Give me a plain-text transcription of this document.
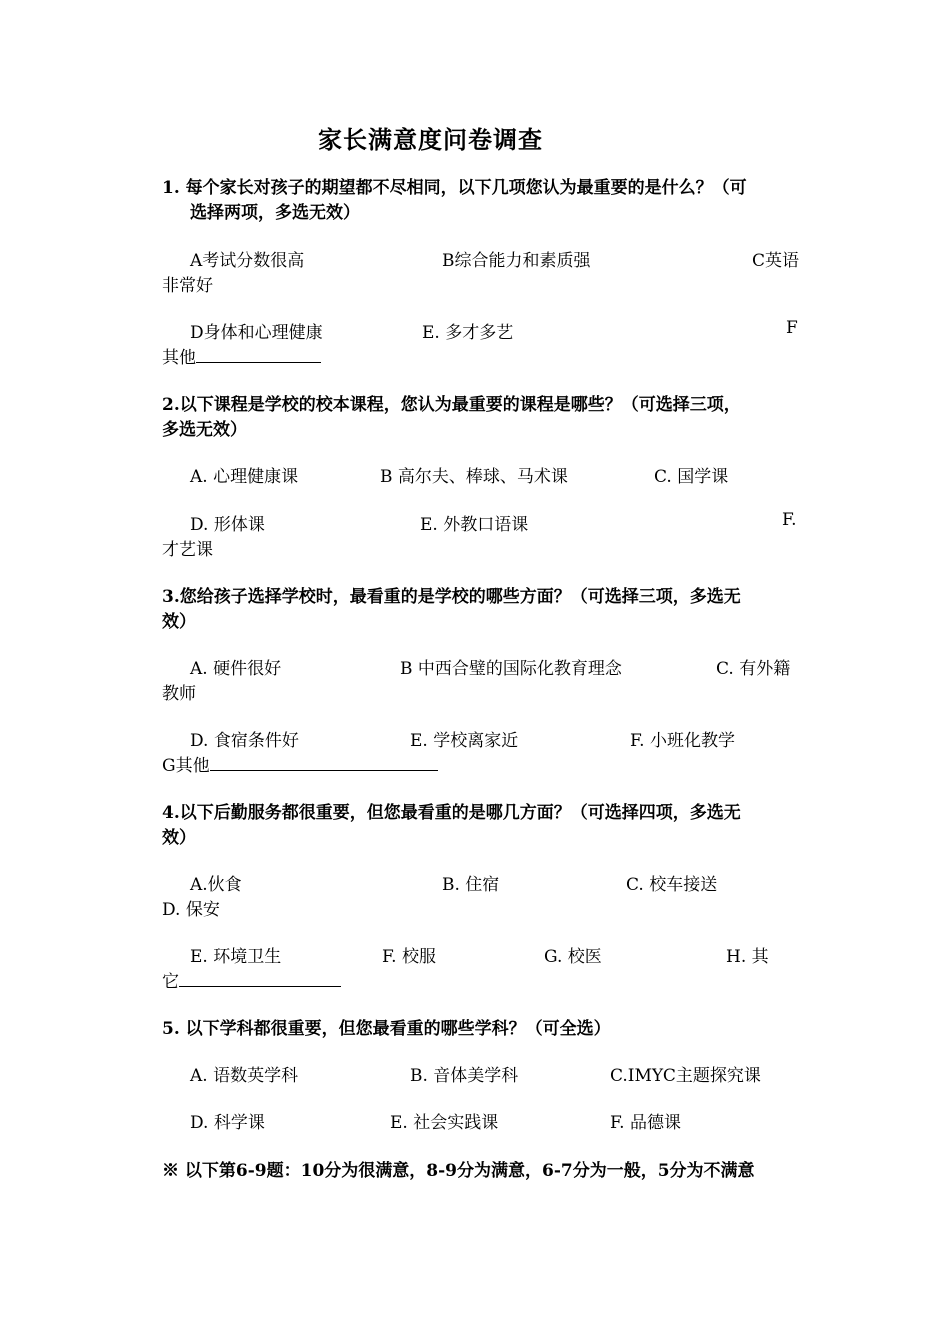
家长满意度问卷调查
1. 每个家长对孩子的期望都不尽相同，以下几项您认为最重要的是什么？（可
选择两项，多选无效）
A考试分数很高	B综合能力和素质强	C英语
非常好
D身体和心理健康	E. 多才多艺	F
其他
2.以下课程是学校的校本课程，您认为最重要的课程是哪些？（可选择三项，
多选无效）
A. 心理健康课	B 高尔夫、棒球、马术课	C. 国学课
D. 形体课	E. 外教口语课	F.
才艺课
3.您给孩子选择学校时，最看重的是学校的哪些方面？（可选择三项，多选无
效）
A. 硬件很好	B 中西合璧的国际化教育理念	C. 有外籍
教师
D. 食宿条件好	E. 学校离家近	F. 小班化教学
G其他
4.以下后勤服务都很重要，但您最看重的是哪几方面？（可选择四项，多选无
效）
A.伙食	B. 住宿	C. 校车接送
D. 保安
E. 环境卫生	F. 校服	G. 校医	H. 其
它
5. 以下学科都很重要，但您最看重的哪些学科？（可全选）
A. 语数英学科	B. 音体美学科	C.IMYC主题探究课
D. 科学课	E. 社会实践课	F. 品德课
※ 以下第6-9题：10分为很满意，8-9分为满意，6-7分为一般，5分为不满意
